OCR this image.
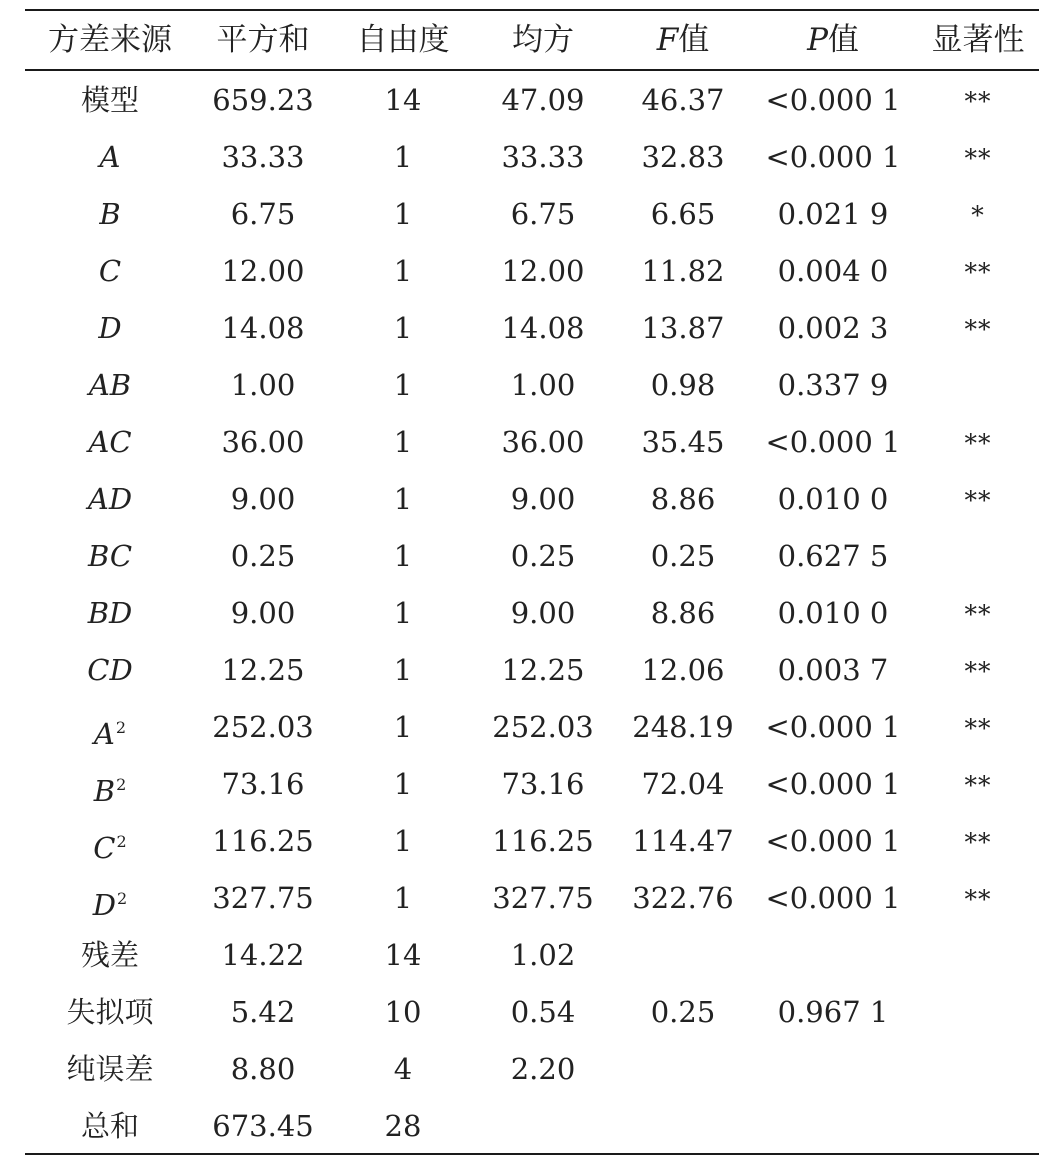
方差来源	平方和	自由度	均方	F值	P值	显著性
模型	659.23	14	47.09	46.37	<0.000 1	**
A	33.33	1	33.33	32.83	<0.000 1	**
B	6.75	1	6.75	6.65	0.021 9	*
C	12.00	1	12.00	11.82	0.004 0	**
D	14.08	1	14.08	13.87	0.002 3	**
AB	1.00	1	1.00	0.98	0.337 9
AC	36.00	1	36.00	35.45	<0.000 1	**
AD	9.00	1	9.00	8.86	0.010 0	**
BC	0.25	1	0.25	0.25	0.627 5
BD	9.00	1	9.00	8.86	0.010 0	**
CD	12.25	1	12.25	12.06	0.003 7	**
$A^2$	252.03	1	252.03	248.19	<0.000 1	**
$B^2$	73.16	1	73.16	72.04	<0.000 1	**
$C^2$	116.25	1	116.25	114.47	<0.000 1	**
$D^2$	327.75	1	327.75	322.76	<0.000 1	**
残差	14.22	14	1.02
失拟项	5.42	10	0.54	0.25	0.967 1
纯误差	8.80	4	2.20
总和	673.45	28
